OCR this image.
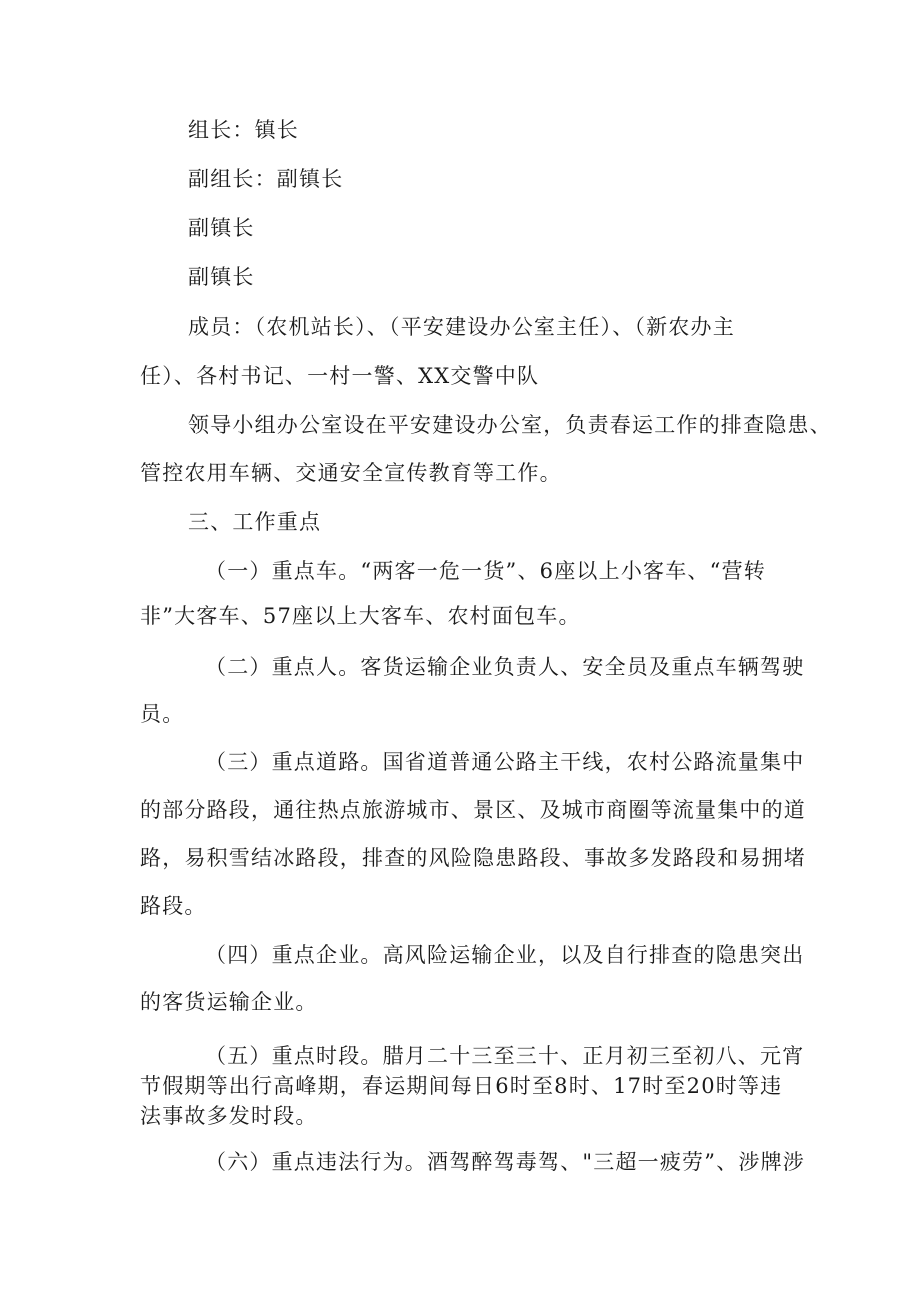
组长：镇长

副组长：副镇长

副镇长

副镇长

成员：（农机站长）、（平安建设办公室主任）、（新农办主

任）、各村书记、一村一警、XX交警中队

领导小组办公室设在平安建设办公室，负责春运工作的排查隐患、

管控农用车辆、交通安全宣传教育等工作。

三、工作重点

（一）重点车。“两客一危一货”、6座以上小客车、“营转

非”大客车、57座以上大客车、农村面包车。

（二）重点人。客货运输企业负责人、安全员及重点车辆驾驶

员。

（三）重点道路。国省道普通公路主干线，农村公路流量集中

的部分路段，通往热点旅游城市、景区、及城市商圈等流量集中的道

路，易积雪结冰路段，排查的风险隐患路段、事故多发路段和易拥堵

路段。

（四）重点企业。高风险运输企业，以及自行排查的隐患突出

的客货运输企业。

（五）重点时段。腊月二十三至三十、正月初三至初八、元宵

节假期等出行高峰期，春运期间每日6时至8时、17时至20时等违

法事故多发时段。

（六）重点违法行为。酒驾醉驾毒驾、"三超一疲劳”、涉牌涉
